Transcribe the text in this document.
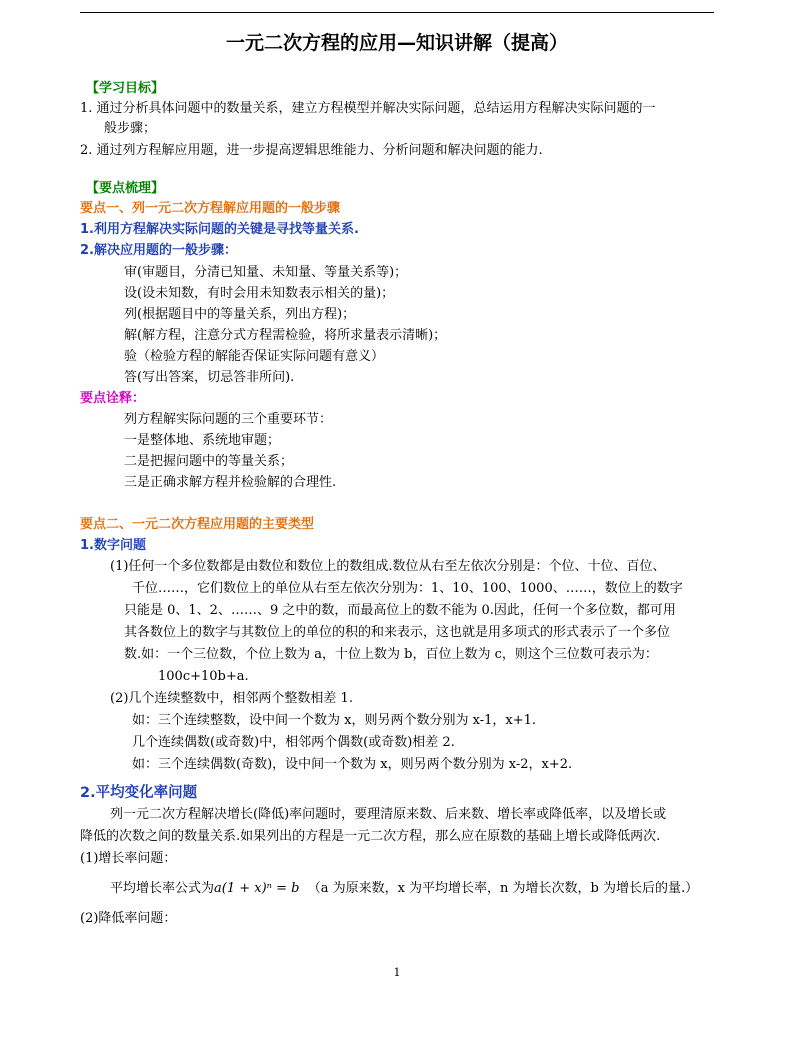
一元二次方程的应用—知识讲解（提高）
【学习目标】
1. 通过分析具体问题中的数量关系，建立方程模型并解决实际问题，总结运用方程解决实际问题的一
般步骤；
2. 通过列方程解应用题，进一步提高逻辑思维能力、分析问题和解决问题的能力.
【要点梳理】
要点一、列一元二次方程解应用题的一般步骤
1.利用方程解决实际问题的关键是寻找等量关系.
2.解决应用题的一般步骤：
审(审题目，分清已知量、未知量、等量关系等)；
设(设未知数，有时会用未知数表示相关的量)；
列(根据题目中的等量关系，列出方程)；
解(解方程，注意分式方程需检验，将所求量表示清晰)；
验（检验方程的解能否保证实际问题有意义）
答(写出答案，切忌答非所问).
要点诠释：
列方程解实际问题的三个重要环节：
一是整体地、系统地审题；
二是把握问题中的等量关系；
三是正确求解方程并检验解的合理性.
要点二、一元二次方程应用题的主要类型
1.数字问题
(1)任何一个多位数都是由数位和数位上的数组成.数位从右至左依次分别是：个位、十位、百位、
千位……，它们数位上的单位从右至左依次分别为：1、10、100、1000、……，数位上的数字
只能是 0、1、2、……、9 之中的数，而最高位上的数不能为 0.因此，任何一个多位数，都可用
其各数位上的数字与其数位上的单位的积的和来表示，这也就是用多项式的形式表示了一个多位
数.如：一个三位数，个位上数为 a，十位上数为 b，百位上数为 c，则这个三位数可表示为：
100c+10b+a.
(2)几个连续整数中，相邻两个整数相差 1.
如：三个连续整数，设中间一个数为 x，则另两个数分别为 x-1，x+1.
几个连续偶数(或奇数)中，相邻两个偶数(或奇数)相差 2.
如：三个连续偶数(奇数)，设中间一个数为 x，则另两个数分别为 x-2，x+2.
2.平均变化率问题
列一元二次方程解决增长(降低)率问题时，要理清原来数、后来数、增长率或降低率，以及增长或
降低的次数之间的数量关系.如果列出的方程是一元二次方程，那么应在原数的基础上增长或降低两次.
(1)增长率问题：
平均增长率公式为a(1 + x)ⁿ = b （a 为原来数，x 为平均增长率，n 为增长次数，b 为增长后的量.）
(2)降低率问题：
1
